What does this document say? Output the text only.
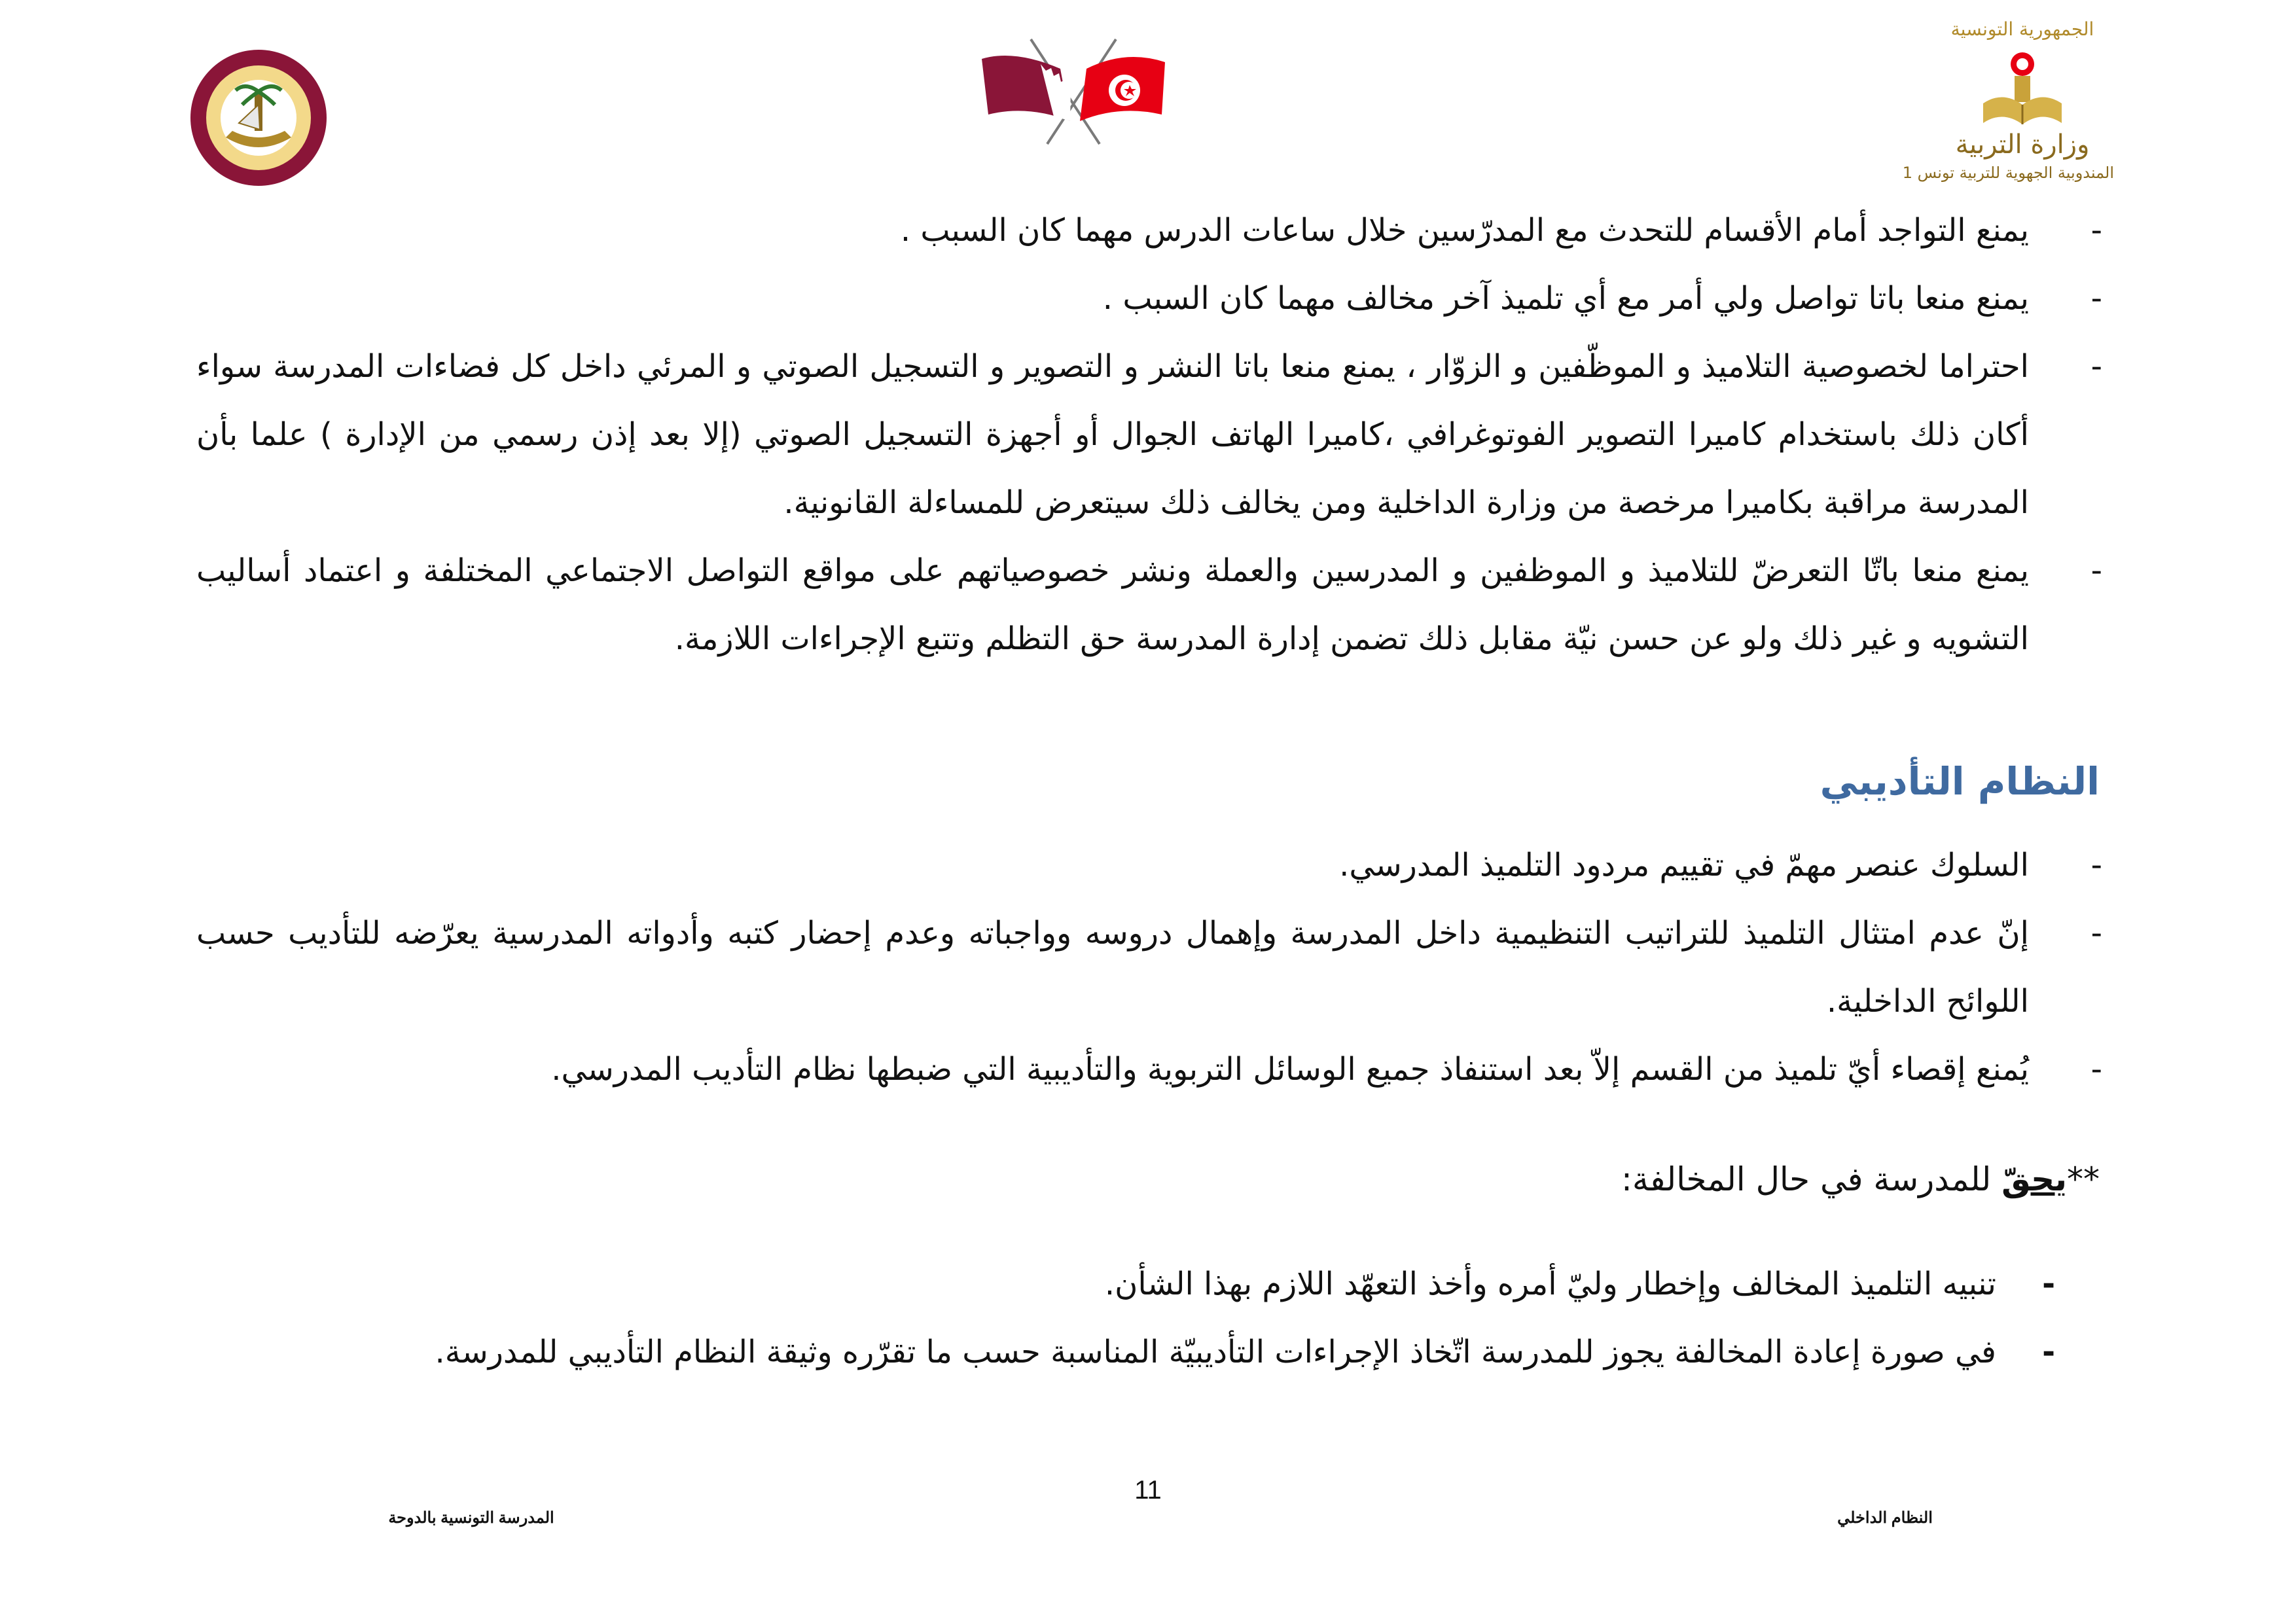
الجمهورية التونسية
وزارة التربية
المندوبية الجهوية للتربية تونس 1
-
يمنع التواجد أمام الأقسام للتحدث مع المدرّسين خلال ساعات الدرس مهما كان السبب .
-
يمنع منعا باتا تواصل ولي أمر مع أي تلميذ آخر مخالف مهما كان السبب .
-
احتراما لخصوصية التلاميذ و الموظّفين و الزوّار ، يمنع منعا باتا النشر و التصوير و التسجيل الصوتي و المرئي داخل كل فضاءات المدرسة سواء أكان ذلك باستخدام كاميرا التصوير الفوتوغرافي ،كاميرا الهاتف الجوال أو أجهزة التسجيل الصوتي (إلا بعد إذن رسمي من الإدارة ) علما بأن المدرسة مراقبة بكاميرا مرخصة من وزارة الداخلية ومن يخالف ذلك سيتعرض للمساءلة القانونية.
-
يمنع منعا باتّا التعرضّ للتلاميذ و الموظفين و المدرسين والعملة ونشر خصوصياتهم على مواقع التواصل الاجتماعي المختلفة و اعتماد أساليب التشويه و غير ذلك ولو عن حسن نيّة مقابل ذلك تضمن إدارة المدرسة حق التظلم وتتبع الإجراءات اللازمة.
النظام التأديبي
-
السلوك عنصر مهمّ في تقييم مردود التلميذ المدرسي.
-
إنّ عدم امتثال التلميذ للتراتيب التنظيمية داخل المدرسة وإهمال دروسه وواجباته وعدم إحضار كتبه وأدواته المدرسية يعرّضه للتأديب حسب اللوائح الداخلية.
-
يُمنع إقصاء أيّ تلميذ من القسم إلاّ بعد استنفاذ جميع الوسائل التربوية والتأديبية التي ضبطها نظام التأديب المدرسي.
**يحقّ للمدرسة في حال المخالفة:
-
تنبيه التلميذ المخالف وإخطار وليّ أمره وأخذ التعهّد اللازم بهذا الشأن.
-
في صورة إعادة المخالفة يجوز للمدرسة اتّخاذ الإجراءات التأديبيّة المناسبة حسب ما تقرّره وثيقة النظام التأديبي للمدرسة.
11
المدرسة التونسية بالدوحة	النظام الداخلي
